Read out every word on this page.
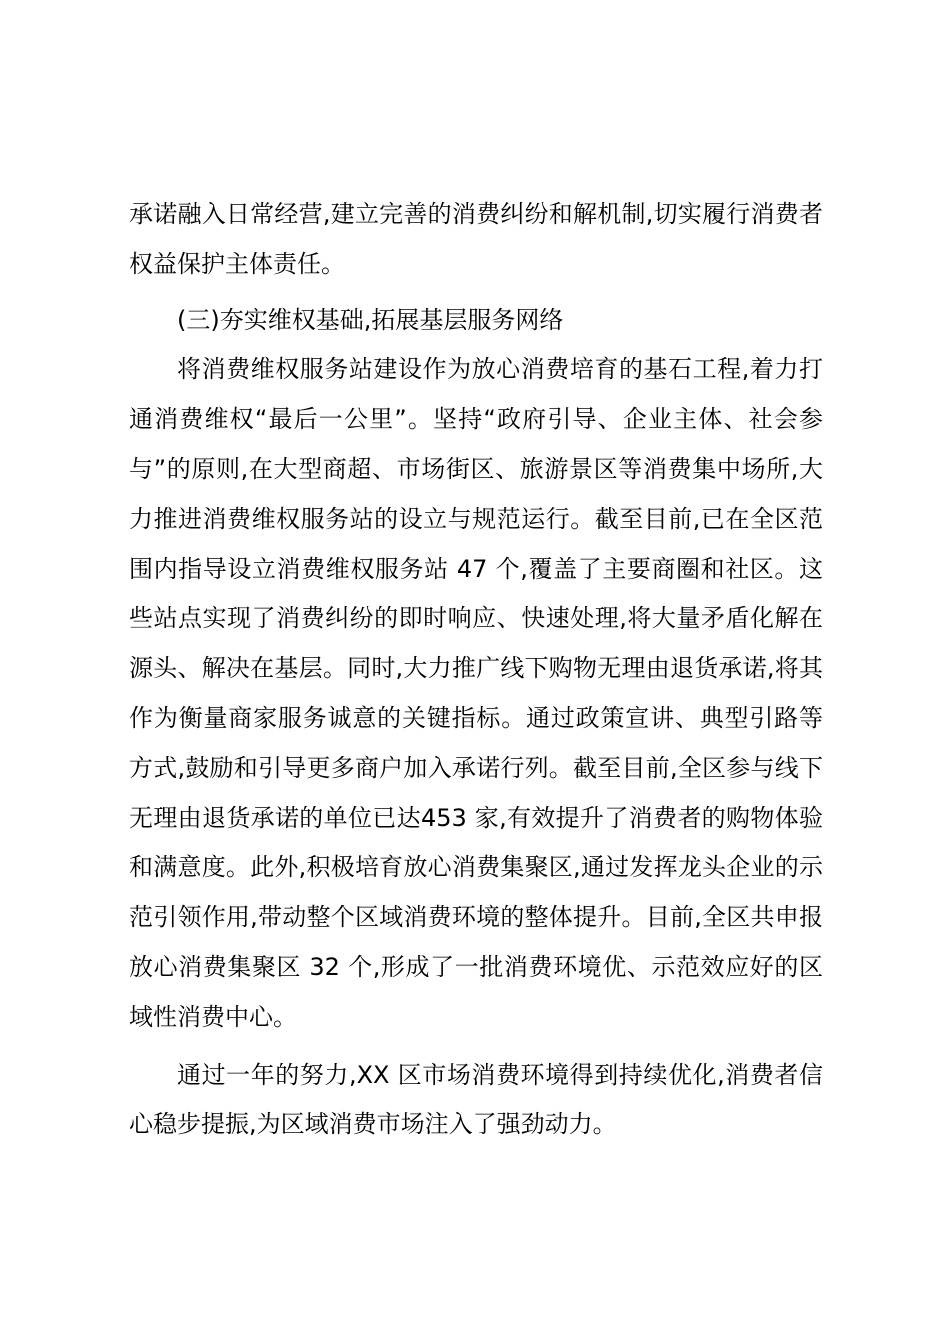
承诺融入日常经营,建立完善的消费纠纷和解机制,切实履行消费者权益保护主体责任。

(三)夯实维权基础,拓展基层服务网络

将消费维权服务站建设作为放心消费培育的基石工程,着力打通消费维权“最后一公里”。坚持“政府引导、企业主体、社会参与”的原则,在大型商超、市场街区、旅游景区等消费集中场所,大力推进消费维权服务站的设立与规范运行。截至目前,已在全区范围内指导设立消费维权服务站 47 个,覆盖了主要商圈和社区。这些站点实现了消费纠纷的即时响应、快速处理,将大量矛盾化解在源头、解决在基层。同时,大力推广线下购物无理由退货承诺,将其作为衡量商家服务诚意的关键指标。通过政策宣讲、典型引路等方式,鼓励和引导更多商户加入承诺行列。截至目前,全区参与线下无理由退货承诺的单位已达453 家,有效提升了消费者的购物体验和满意度。此外,积极培育放心消费集聚区,通过发挥龙头企业的示范引领作用,带动整个区域消费环境的整体提升。目前,全区共申报放心消费集聚区 32 个,形成了一批消费环境优、示范效应好的区域性消费中心。

通过一年的努力,XX 区市场消费环境得到持续优化,消费者信心稳步提振,为区域消费市场注入了强劲动力。
